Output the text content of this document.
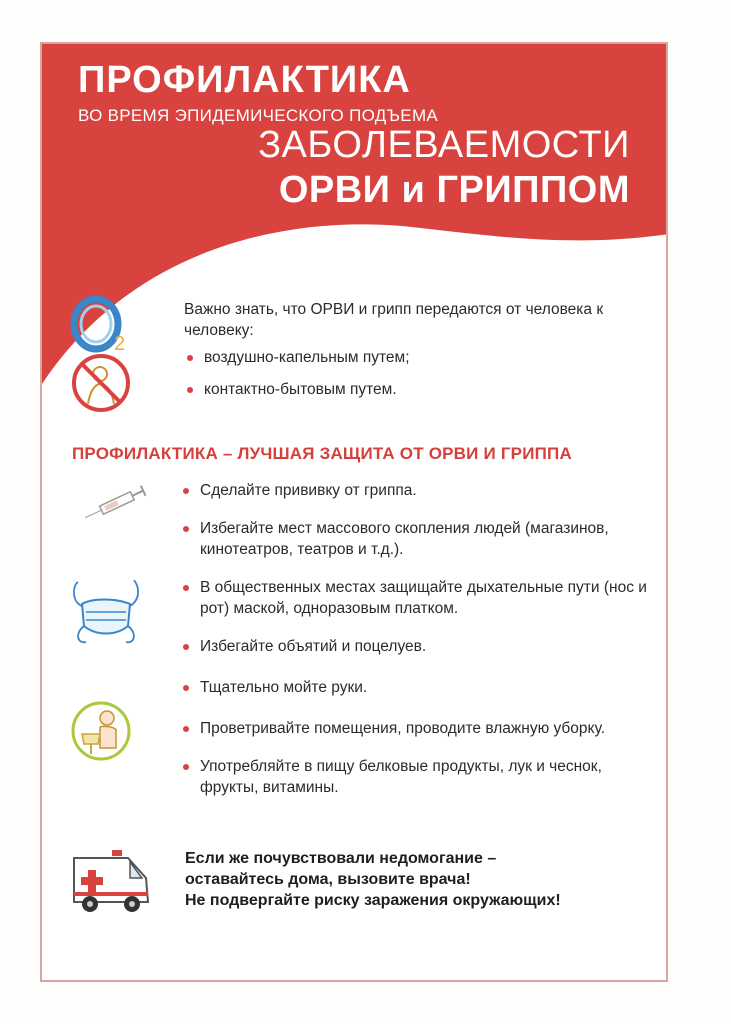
ПРОФИЛАКТИКА
ВО ВРЕМЯ ЭПИДЕМИЧЕСКОГО ПОДЪЕМА
ЗАБОЛЕВАЕМОСТИ
ОРВИ и ГРИППОМ
2
Важно знать, что ОРВИ и грипп передаются от человека к человеку:
воздушно-капельным путем;
контактно-бытовым путем.
ПРОФИЛАКТИКА – ЛУЧШАЯ ЗАЩИТА ОТ ОРВИ И ГРИППА
Сделайте прививку от гриппа.
Избегайте мест массового скопления людей (магазинов, кинотеатров, театров и т.д.).
В общественных местах защищайте дыхательные пути (нос и рот) маской, одноразовым платком.
Избегайте объятий и поцелуев.
Тщательно мойте руки.
Проветривайте помещения, проводите влажную уборку.
Употребляйте в пищу белковые продукты, лук и чеснок, фрукты, витамины.
Если же почувствовали недомогание –
оставайтесь дома, вызовите врача!
Не подвергайте риску заражения окружающих!
